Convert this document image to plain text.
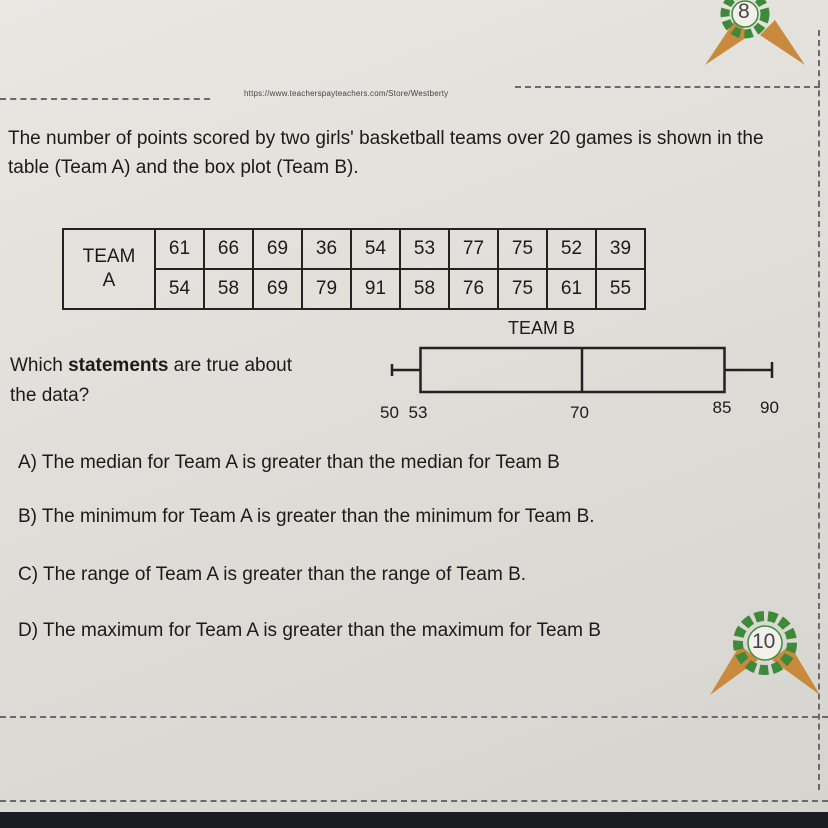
https://www.teacherspayteachers.com/Store/Westberty
8
The number of points scored by two girls' basketball teams over 20 games is shown in the table (Team A) and the box plot (Team B).
TEAM
A	61	66	69	36	54	53	77	75	52	39
	54	58	69	79	91	58	76	75	61	55
TEAM B
Which statements are true about the data?
50 53	70	85 90
A) The median for Team A is greater than the median for Team B
B) The minimum for Team A is greater than the minimum for Team B.
C) The range of Team A is greater than the range of Team B.
D) The maximum for Team A is greater than the maximum for Team B	10
